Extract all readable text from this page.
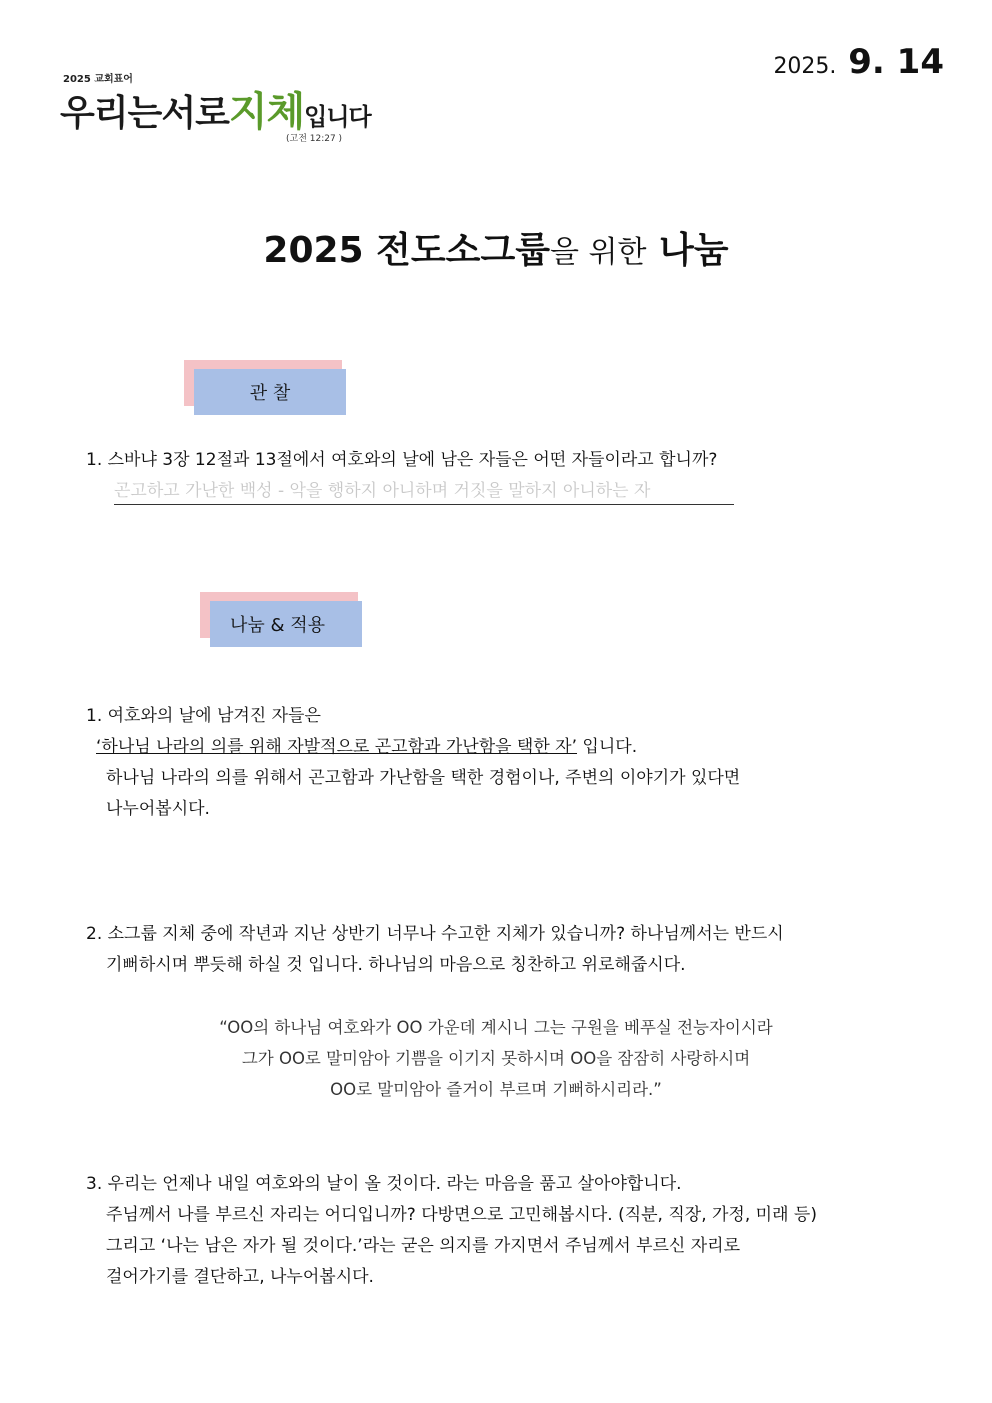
2025 교회표어
우리는서로지체입니다
(고전 12:27 )
2025. 9. 14
2025 전도소그룹을 위한 나눔
관 찰
1. 스바냐 3장 12절과 13절에서 여호와의 날에 남은 자들은 어떤 자들이라고 합니까?
곤고하고 가난한 백성 - 악을 행하지 아니하며 거짓을 말하지 아니하는 자
나눔 & 적용
1. 여호와의 날에 남겨진 자들은
‘하나님 나라의 의를 위해 자발적으로 곤고함과 가난함을 택한 자’ 입니다.
하나님 나라의 의를 위해서 곤고함과 가난함을 택한 경험이나, 주변의 이야기가 있다면
나누어봅시다.
2. 소그룹 지체 중에 작년과 지난 상반기 너무나 수고한 지체가 있습니까? 하나님께서는 반드시
기뻐하시며 뿌듯해 하실 것 입니다. 하나님의 마음으로 칭찬하고 위로해줍시다.
“OO의 하나님 여호와가 OO 가운데 계시니 그는 구원을 베푸실 전능자이시라
그가 OO로 말미암아 기쁨을 이기지 못하시며 OO을 잠잠히 사랑하시며
OO로 말미암아 즐거이 부르며 기뻐하시리라.”
3. 우리는 언제나 내일 여호와의 날이 올 것이다. 라는 마음을 품고 살아야합니다.
주님께서 나를 부르신 자리는 어디입니까? 다방면으로 고민해봅시다. (직분, 직장, 가정, 미래 등)
그리고 ‘나는 남은 자가 될 것이다.’라는 굳은 의지를 가지면서 주님께서 부르신 자리로
걸어가기를 결단하고, 나누어봅시다.
